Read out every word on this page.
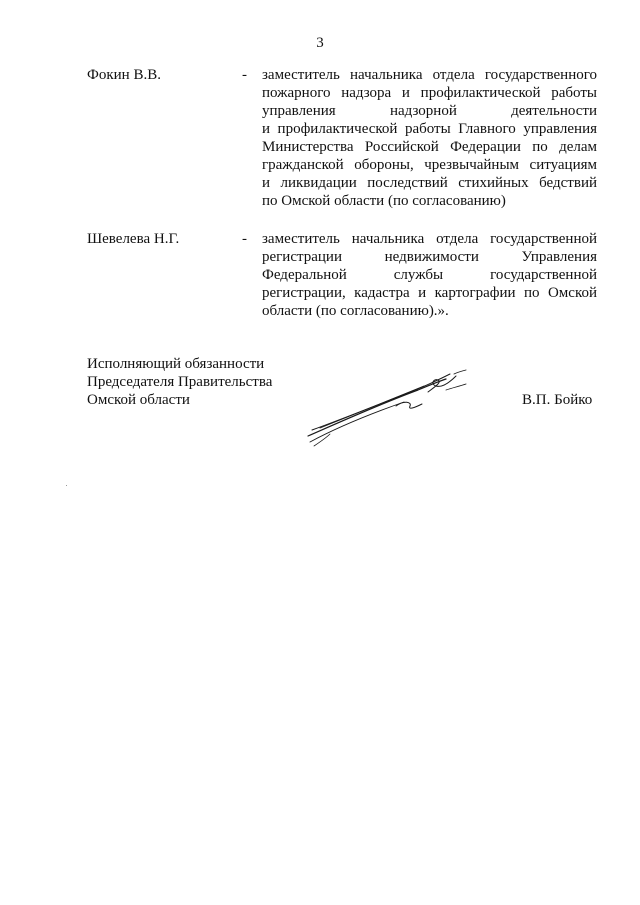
3
Фокин В.В.	- заместитель начальника отдела государственного
пожарного надзора и профилактической работы
управления надзорной деятельности
и профилактической работы Главного управления
Министерства Российской Федерации по делам
гражданской обороны, чрезвычайным ситуациям
и ликвидации последствий стихийных бедствий
по Омской области (по согласованию)
Шевелева Н.Г.	- заместитель начальника отдела государственной
регистрации недвижимости Управления
Федеральной службы государственной
регистрации, кадастра и картографии по Омской
области (по согласованию).».
Исполняющий обязанности
Председателя Правительства
Омской области	В.П. Бойко
